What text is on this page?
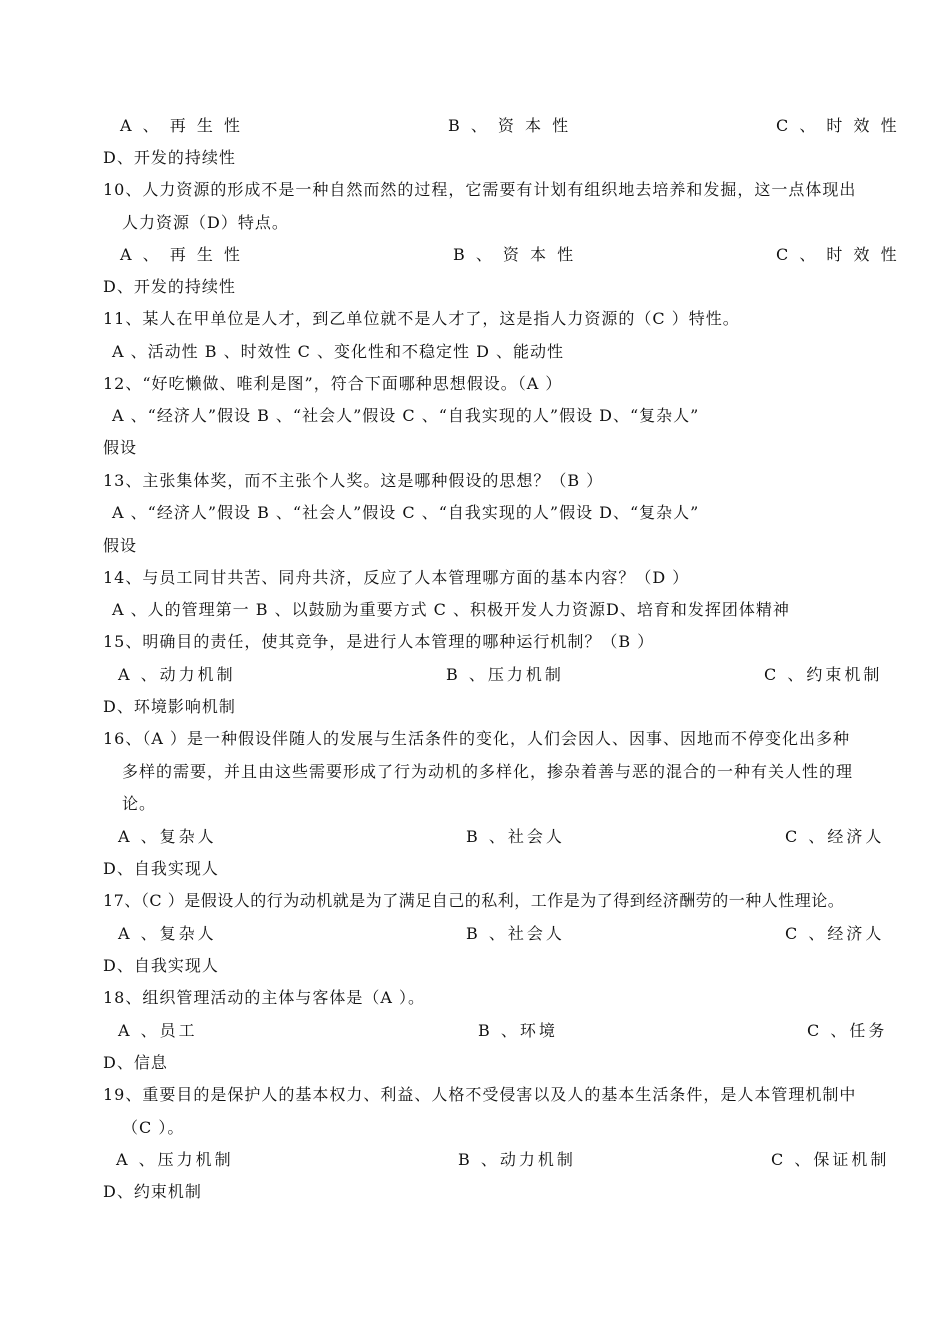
A 、 再 生 性	B 、 资 本 性	C 、 时 效 性
D、开发的持续性
10、人力资源的形成不是一种自然而然的过程，它需要有计划有组织地去培养和发掘，这一点体现出
人力资源（D）特点。
A 、 再 生 性	B 、 资 本 性	C 、 时 效 性
D、开发的持续性
11、某人在甲单位是人才，到乙单位就不是人才了，这是指人力资源的（C ）特性。
A 、活动性 B 、时效性 C 、变化性和不稳定性 D 、能动性
12、“好吃懒做、唯利是图”，符合下面哪种思想假设。（A ）
A 、“经济人”假设 B 、“社会人”假设 C 、“自我实现的人”假设 D、“复杂人”
假设
13、主张集体奖，而不主张个人奖。这是哪种假设的思想？（B ）
A 、“经济人”假设 B 、“社会人”假设 C 、“自我实现的人”假设 D、“复杂人”
假设
14、与员工同甘共苦、同舟共济，反应了人本管理哪方面的基本内容？（D ）
A 、人的管理第一 B 、以鼓励为重要方式 C 、积极开发人力资源D、培育和发挥团体精神
15、明确目的责任，使其竞争，是进行人本管理的哪种运行机制？（B ）
A 、动力机制	B 、压力机制	C 、约束机制
D、环境影响机制
16、（A ）是一种假设伴随人的发展与生活条件的变化，人们会因人、因事、因地而不停变化出多种
多样的需要，并且由这些需要形成了行为动机的多样化，掺杂着善与恶的混合的一种有关人性的理
论。
A 、复杂人	B 、社会人	C 、经济人
D、自我实现人
17、（C ）是假设人的行为动机就是为了满足自己的私利，工作是为了得到经济酬劳的一种人性理论。
A 、复杂人	B 、社会人	C 、经济人
D、自我实现人
18、组织管理活动的主体与客体是（A ）。
A 、员工	B 、环境	C 、任务
D、信息
19、重要目的是保护人的基本权力、利益、人格不受侵害以及人的基本生活条件，是人本管理机制中
（C ）。
A 、压力机制	B 、动力机制	C 、保证机制
D、约束机制
